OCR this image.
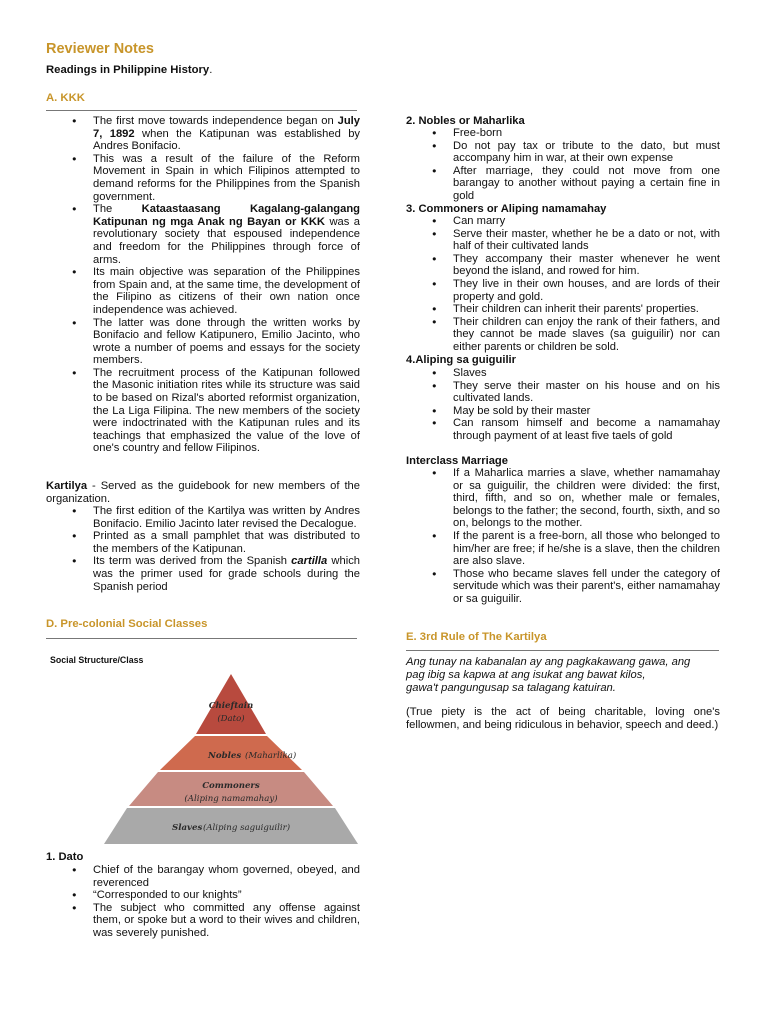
Reviewer Notes
Readings in Philippine History.
A. KKK
● The first move towards independence began on July 7, 1892 when the Katipunan was established by Andres Bonifacio.
● This was a result of the failure of the Reform Movement in Spain in which Filipinos attempted to demand reforms for the Philippines from the Spanish government.
● The	Kataastaasang Kagalang-galangang Katipunan ng mga Anak ng Bayan or KKK was a revolutionary society that espoused independence and freedom for the Philippines through force of arms.
● Its main objective was separation of the Philippines from Spain and, at the same time, the development of the Filipino as citizens of their own nation once independence was achieved.
● The latter was done through the written works by Bonifacio and fellow Katipunero, Emilio Jacinto, who wrote a number of poems and essays for the society members.
● The recruitment process of the Katipunan followed the Masonic initiation rites while its structure was said to be based on Rizal's aborted reformist organization, the La Liga Filipina. The new members of the society were indoctrinated with the Katipunan rules and its teachings that emphasized the value of the love of one's country and fellow Filipinos.

Kartilya - Served as the guidebook for new members of the organization.

● The first edition of the Kartilya was written by Andres Bonifacio. Emilio Jacinto later revised the Decalogue.
● Printed as a small pamphlet that was distributed to the members of the Katipunan.
● Its term was derived from the Spanish cartilla which was the primer used for grade schools during the Spanish period
D. Pre-colonial Social Classes
Social Structure/Class
Chieftain
(Dato)
Nobles (Maharlika)
Commoners
(Aliping namamahay)
Slaves (Aliping saguiguilir)
1. Dato
● Chief of the barangay whom governed, obeyed, and reverenced
● “Corresponded to our knights”
● The subject who committed any offense against them, or spoke but a word to their wives and children, was severely punished.
2. Nobles or Maharlika
● Free-born
● Do not pay tax or tribute to the dato, but must accompany him in war, at their own expense
● After marriage, they could not move from one barangay to another without paying a certain fine in gold
3. Commoners or Aliping namamahay
● Can marry
● Serve their master, whether he be a dato or not, with half of their cultivated lands
● They accompany their master whenever he went beyond the island, and rowed for him.
● They live in their own houses, and are lords of their property and gold.
● Their children can inherit their parents' properties.
● Their children can enjoy the rank of their fathers, and they cannot be made slaves (sa guiguilir) nor can either parents or children be sold.
4.Aliping sa guiguilir
● Slaves
● They serve their master on his house and on his cultivated lands.
● May be sold by their master
● Can ransom himself and become a namamahay through payment of at least five taels of gold
Interclass Marriage
● If a Maharlica marries a slave, whether namamahay or sa guiguilir, the children were divided: the first, third, fifth, and so on, whether male or females, belongs to the father; the second, fourth, sixth, and so on, belongs to the mother.
● If the parent is a free-born, all those who belonged to him/her are free; if he/she is a slave, then the children are also slave.
● Those who became slaves fell under the category of servitude which was their parent's, either namamahay or sa guiguilir.
E. 3rd Rule of The Kartilya

Ang tunay na kabanalan ay ang pagkakawang gawa, ang
pag ibig sa kapwa at ang isukat ang bawat kilos,
gawa't pangungusap sa talagang katuiran.

(True piety is the act of being charitable, loving one's fellowmen, and being ridiculous in behavior, speech and deed.)
